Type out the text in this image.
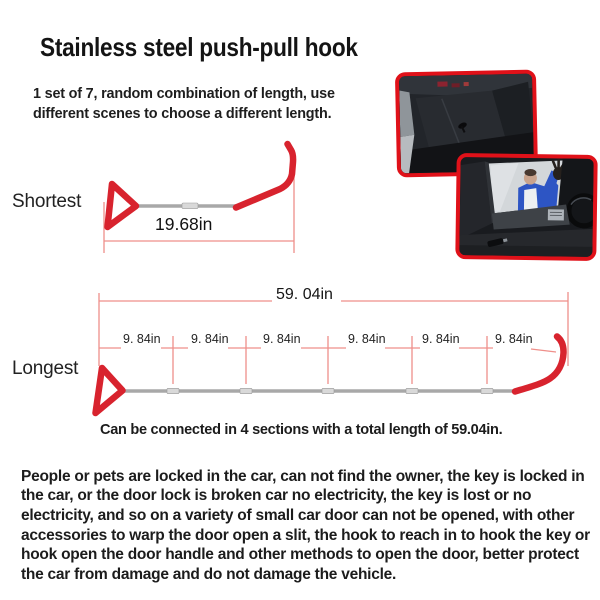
Stainless steel push-pull hook
1 set of 7, random combination of length, use
different scenes to choose a different length.
Shortest
19.68in
Longest
59. 04in
9. 84in 9. 84in	9. 84in	9. 84in	9. 84in	9. 84in
Can be connected in 4 sections with a total length of 59.04in.

People or pets are locked in the car, can not find the owner, the key is locked in the car, or the door lock is broken car no electricity, the key is lost or no electricity, and so on a variety of small car door can not be opened, with other accessories to warp the door open a slit, the hook to reach in to hook the key or hook open the door handle and other methods to open the door, better protect the car from damage and do not damage the vehicle.
